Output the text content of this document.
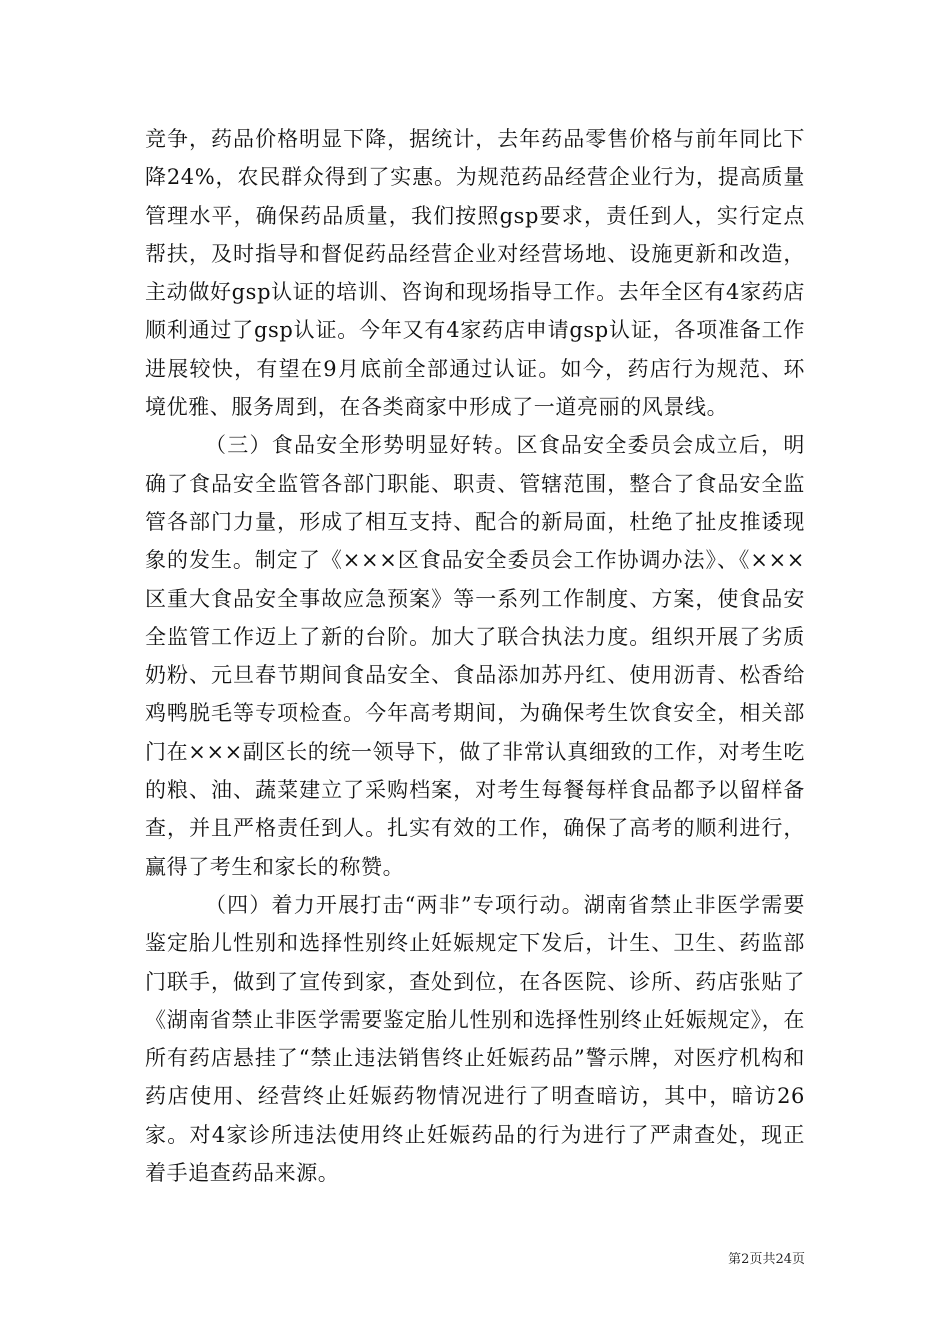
竞争，药品价格明显下降，据统计，去年药品零售价格与前年同比下降24%，农民群众得到了实惠。为规范药品经营企业行为，提高质量管理水平，确保药品质量，我们按照gsp要求，责任到人，实行定点帮扶，及时指导和督促药品经营企业对经营场地、设施更新和改造，主动做好gsp认证的培训、咨询和现场指导工作。去年全区有4家药店顺利通过了gsp认证。今年又有4家药店申请gsp认证，各项准备工作进展较快，有望在9月底前全部通过认证。如今，药店行为规范、环境优雅、服务周到，在各类商家中形成了一道亮丽的风景线。

（三）食品安全形势明显好转。区食品安全委员会成立后，明确了食品安全监管各部门职能、职责、管辖范围，整合了食品安全监管各部门力量，形成了相互支持、配合的新局面，杜绝了扯皮推诿现象的发生。制定了《×××区食品安全委员会工作协调办法》、《×××区重大食品安全事故应急预案》等一系列工作制度、方案，使食品安全监管工作迈上了新的台阶。加大了联合执法力度。组织开展了劣质奶粉、元旦春节期间食品安全、食品添加苏丹红、使用沥青、松香给鸡鸭脱毛等专项检查。今年高考期间，为确保考生饮食安全，相关部门在×××副区长的统一领导下，做了非常认真细致的工作，对考生吃的粮、油、蔬菜建立了采购档案，对考生每餐每样食品都予以留样备查，并且严格责任到人。扎实有效的工作，确保了高考的顺利进行，赢得了考生和家长的称赞。

（四）着力开展打击“两非”专项行动。湖南省禁止非医学需要鉴定胎儿性别和选择性别终止妊娠规定下发后，计生、卫生、药监部门联手，做到了宣传到家，查处到位，在各医院、诊所、药店张贴了《湖南省禁止非医学需要鉴定胎儿性别和选择性别终止妊娠规定》，在所有药店悬挂了“禁止违法销售终止妊娠药品”警示牌，对医疗机构和药店使用、经营终止妊娠药物情况进行了明查暗访，其中，暗访26家。对4家诊所违法使用终止妊娠药品的行为进行了严肃查处，现正着手追查药品来源。

第2页共24页
